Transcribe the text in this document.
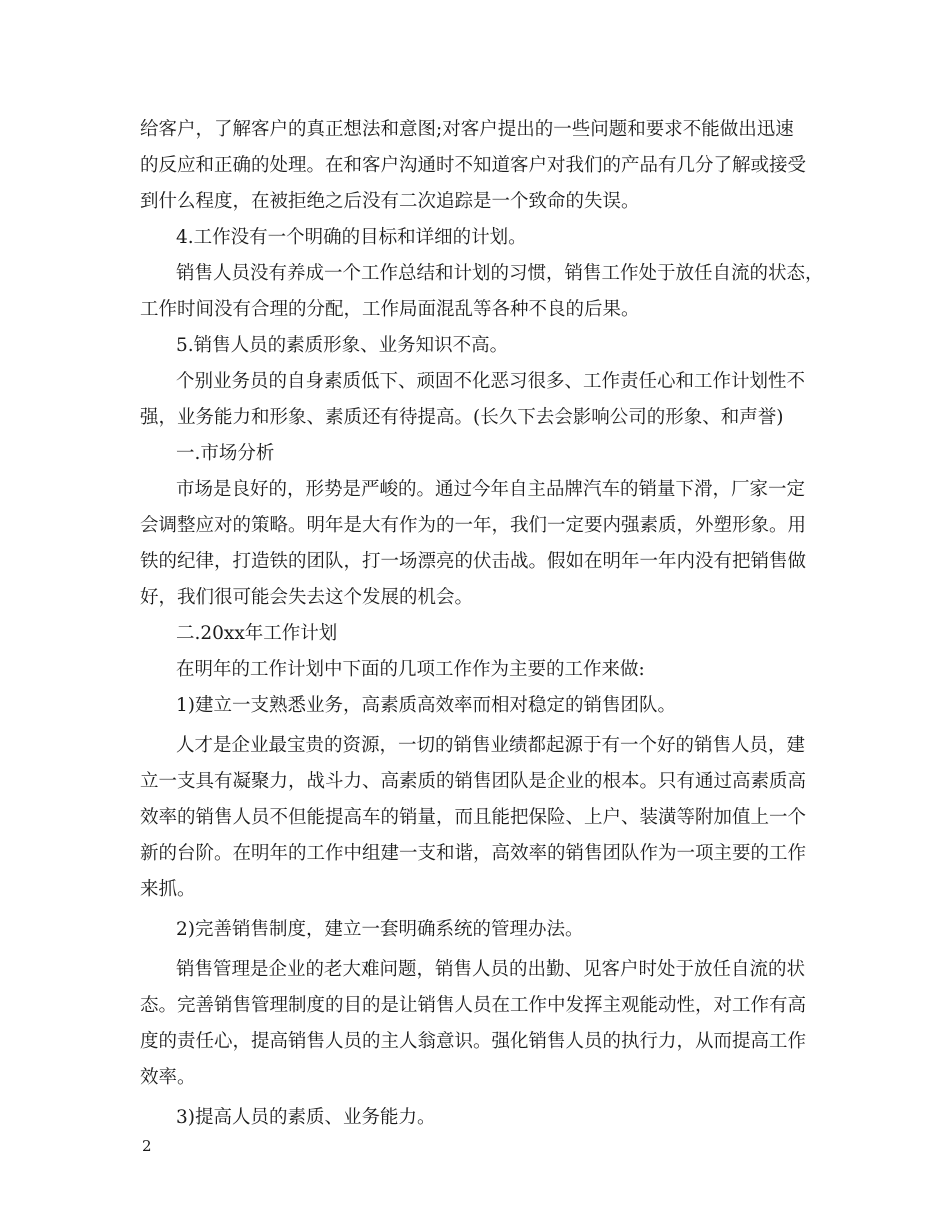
给客户，了解客户的真正想法和意图;对客户提出的一些问题和要求不能做出迅速
的反应和正确的处理。在和客户沟通时不知道客户对我们的产品有几分了解或接受
到什么程度，在被拒绝之后没有二次追踪是一个致命的失误。
4.工作没有一个明确的目标和详细的计划。
销售人员没有养成一个工作总结和计划的习惯，销售工作处于放任自流的状态，
工作时间没有合理的分配，工作局面混乱等各种不良的后果。
5.销售人员的素质形象、业务知识不高。
个别业务员的自身素质低下、顽固不化恶习很多、工作责任心和工作计划性不
强，业务能力和形象、素质还有待提高。(长久下去会影响公司的形象、和声誉)
一.市场分析
市场是良好的，形势是严峻的。通过今年自主品牌汽车的销量下滑，厂家一定
会调整应对的策略。明年是大有作为的一年，我们一定要内强素质，外塑形象。用
铁的纪律，打造铁的团队，打一场漂亮的伏击战。假如在明年一年内没有把销售做
好，我们很可能会失去这个发展的机会。
二.20xx年工作计划
在明年的工作计划中下面的几项工作作为主要的工作来做:
1)建立一支熟悉业务，高素质高效率而相对稳定的销售团队。
人才是企业最宝贵的资源，一切的销售业绩都起源于有一个好的销售人员，建
立一支具有凝聚力，战斗力、高素质的销售团队是企业的根本。只有通过高素质高
效率的销售人员不但能提高车的销量，而且能把保险、上户、装潢等附加值上一个
新的台阶。在明年的工作中组建一支和谐，高效率的销售团队作为一项主要的工作
来抓。
2)完善销售制度，建立一套明确系统的管理办法。
销售管理是企业的老大难问题，销售人员的出勤、见客户时处于放任自流的状
态。完善销售管理制度的目的是让销售人员在工作中发挥主观能动性，对工作有高
度的责任心，提高销售人员的主人翁意识。强化销售人员的执行力，从而提高工作
效率。
3)提高人员的素质、业务能力。
2
